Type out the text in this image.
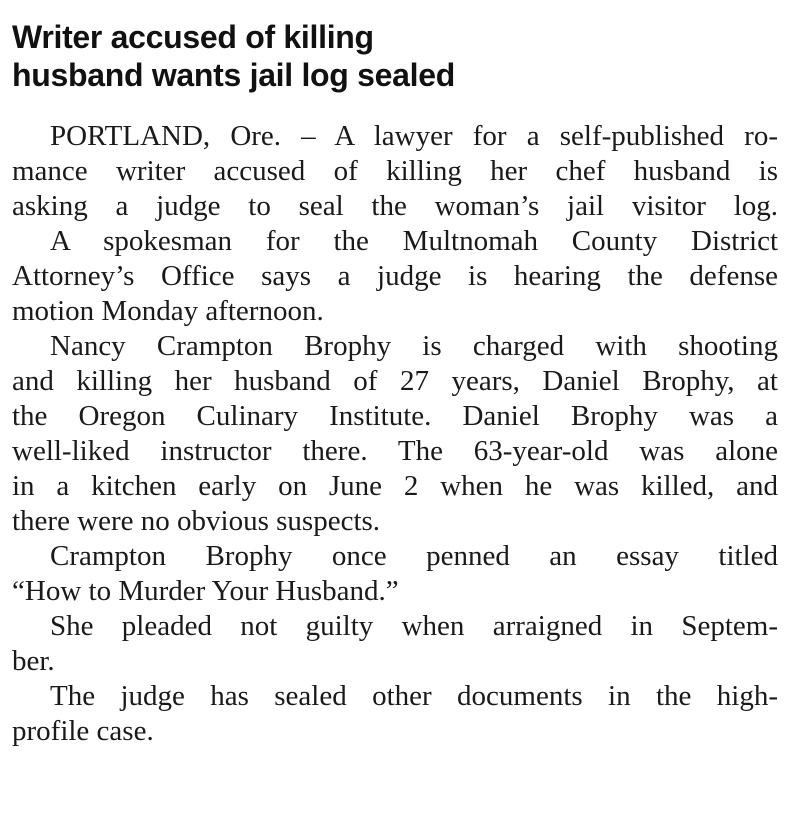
Writer accused of killing
husband wants jail log sealed
PORTLAND, Ore. – A lawyer for a self-published ro-
mance writer accused of killing her chef husband is
asking a judge to seal the woman’s jail visitor log.
A spokesman for the Multnomah County District
Attorney’s Office says a judge is hearing the defense
motion Monday afternoon.
Nancy Crampton Brophy is charged with shooting
and killing her husband of 27 years, Daniel Brophy, at
the Oregon Culinary Institute. Daniel Brophy was a
well-liked instructor there. The 63-year-old was alone
in a kitchen early on June 2 when he was killed, and
there were no obvious suspects.
Crampton Brophy once penned an essay titled
“How to Murder Your Husband.”
She pleaded not guilty when arraigned in Septem-
ber.
The judge has sealed other documents in the high-
profile case.
